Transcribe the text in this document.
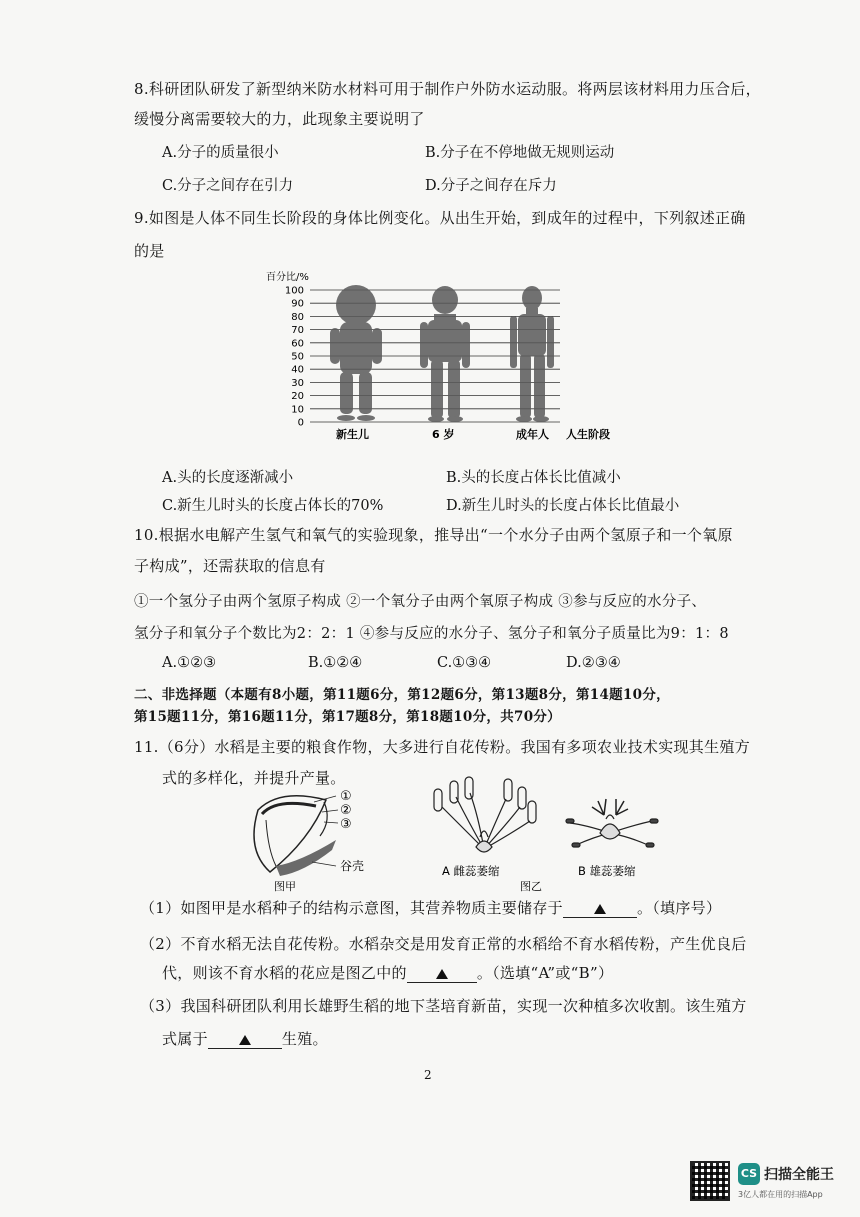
8.科研团队研发了新型纳米防水材料可用于制作户外防水运动服。将两层该材料用力压合后，
缓慢分离需要较大的力，此现象主要说明了
A.分子的质量很小	B.分子在不停地做无规则运动
C.分子之间存在引力	D.分子之间存在斥力
9.如图是人体不同生长阶段的身体比例变化。从出生开始，到成年的过程中，下列叙述正确
的是
百分比/%
100
90
80
70
60
50
40
30
20
10
0
新生儿	6 岁	成年人 人生阶段
A.头的长度逐渐减小	B.头的长度占体长比值减小
C.新生儿时头的长度占体长的70%	D.新生儿时头的长度占体长比值最小
10.根据水电解产生氢气和氧气的实验现象，推导出“一个水分子由两个氢原子和一个氧原
子构成”，还需获取的信息有
①一个氢分子由两个氢原子构成 ②一个氧分子由两个氧原子构成 ③参与反应的水分子、
氢分子和氧分子个数比为2：2：1 ④参与反应的水分子、氢分子和氧分子质量比为9：1：8
A.①②③	B.①②④	C.①③④	D.②③④
二、非选择题（本题有8小题，第11题6分，第12题6分，第13题8分，第14题10分，
第15题11分，第16题11分，第17题8分，第18题10分，共70分）
11.（6分）水稻是主要的粮食作物，大多进行自花传粉。我国有多项农业技术实现其生殖方
式的多样化，并提升产量。
①
②
③
谷壳
图甲
A 雌蕊萎缩	B 雄蕊萎缩
图乙
（1）如图甲是水稻种子的结构示意图，其营养物质主要储存于	。（填序号）
（2）不育水稻无法自花传粉。水稻杂交是用发育正常的水稻给不育水稻传粉，产生优良后
代，则该不育水稻的花应是图乙中的	。（选填“A”或“B”）
（3）我国科研团队利用长雄野生稻的地下茎培育新苗，实现一次种植多次收割。该生殖方
式属于	生殖。
2
CS 扫描全能王
3亿人都在用的扫描App
